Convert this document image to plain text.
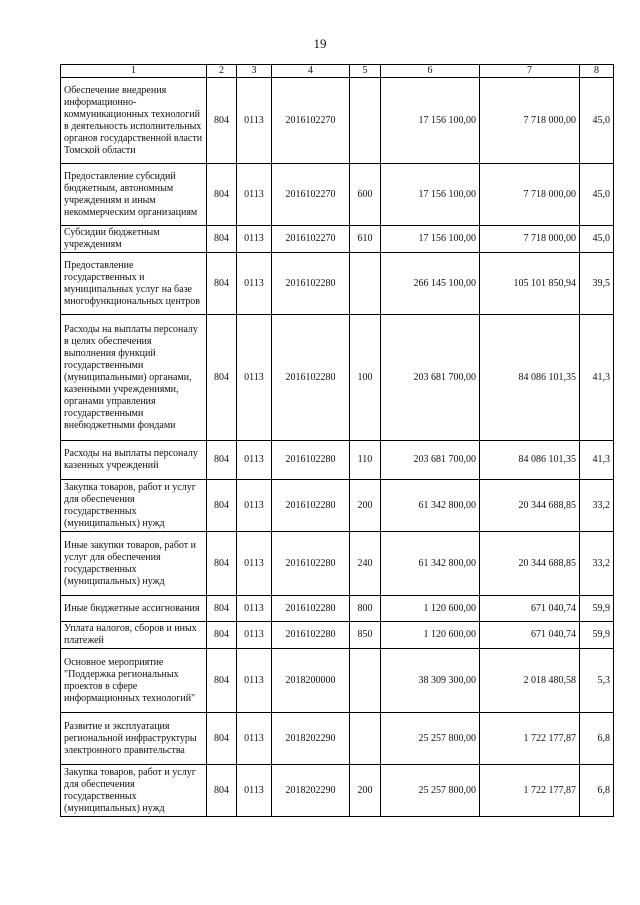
19
1	2	3	4	5	6	7	8
Обеспечение внедрения информационно-коммуникационных технологий в деятельность исполнительных органов государственной власти Томской области	804	0113	2016102270		17 156 100,00	7 718 000,00	45,0
Предоставление субсидий бюджетным, автономным учреждениям и иным некоммерческим организациям	804	0113	2016102270	600	17 156 100,00	7 718 000,00	45,0
Субсидии бюджетным учреждениям	804	0113	2016102270	610	17 156 100,00	7 718 000,00	45,0
Предоставление государственных и муниципальных услуг на базе многофункциональных центров	804	0113	2016102280		266 145 100,00	105 101 850,94	39,5
Расходы на выплаты персоналу в целях обеспечения выполнения функций государственными (муниципальными) органами, казенными учреждениями, органами управления государственными внебюджетными фондами	804	0113	2016102280	100	203 681 700,00	84 086 101,35	41,3
Расходы на выплаты персоналу казенных учреждений	804	0113	2016102280	110	203 681 700,00	84 086 101,35	41,3
Закупка товаров, работ и услуг для обеспечения государственных (муниципальных) нужд	804	0113	2016102280	200	61 342 800,00	20 344 688,85	33,2
Иные закупки товаров, работ и услуг для обеспечения государственных (муниципальных) нужд	804	0113	2016102280	240	61 342 800,00	20 344 688,85	33,2
Иные бюджетные ассигнования	804	0113	2016102280	800	1 120 600,00	671 040,74	59,9
Уплата налогов, сборов и иных платежей	804	0113	2016102280	850	1 120 600,00	671 040,74	59,9
Основное мероприятие "Поддержка региональных проектов в сфере информационных технологий"	804	0113	2018200000		38 309 300,00	2 018 480,58	5,3
Развитие и эксплуатация региональной инфраструктуры электронного правительства	804	0113	2018202290		25 257 800,00	1 722 177,87	6,8
Закупка товаров, работ и услуг для обеспечения государственных (муниципальных) нужд	804	0113	2018202290	200	25 257 800,00	1 722 177,87	6,8
